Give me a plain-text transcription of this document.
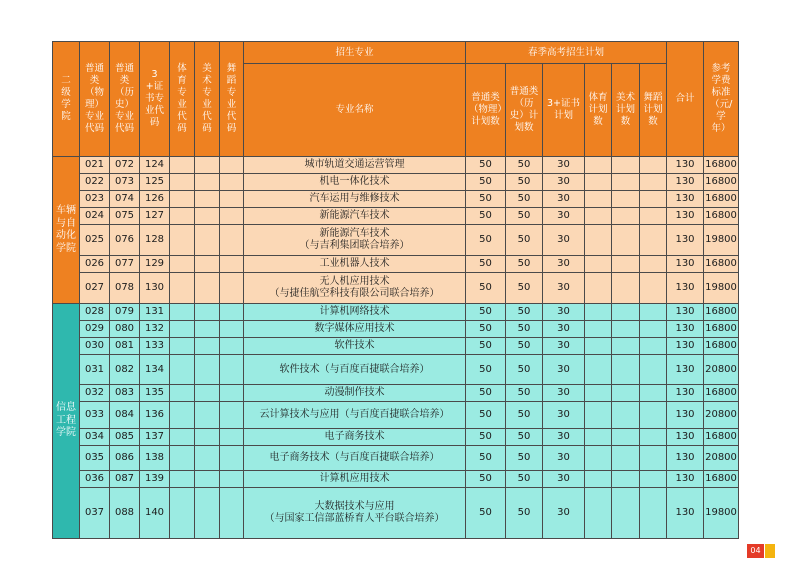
二级学院	普通类（物理）专业代码	普通类（历史）专业代码	3+证书专业代码	体育专业代码	美术专业代码	舞蹈专业代码	招生专业	春季高考招生计划						合计	参考学费标准（元/学年）
							专业名称	普通类（物理）计划数	普通类（历史）计划数	3+证书计划	体育计划数	美术计划数	舞蹈计划数		
车辆与自动化学院	021	072	124				城市轨道交通运营管理	50	50	30				130	16800
	022	073	125				机电一体化技术	50	50	30				130	16800
	023	074	126				汽车运用与维修技术	50	50	30				130	16800
	024	075	127				新能源汽车技术	50	50	30				130	16800
	025	076	128				新能源汽车技术
（与吉利集团联合培养）	50	50	30				130	19800
	026	077	129				工业机器人技术	50	50	30				130	16800
	027	078	130				无人机应用技术
（与捷佳航空科技有限公司联合培养）	50	50	30				130	19800
信息工程学院	028	079	131				计算机网络技术	50	50	30				130	16800
	029	080	132				数字媒体应用技术	50	50	30				130	16800
	030	081	133				软件技术	50	50	30				130	16800
	031	082	134				软件技术（与百度百捷联合培养）	50	50	30				130	20800
	032	083	135				动漫制作技术	50	50	30				130	16800
	033	084	136				云计算技术与应用（与百度百捷联合培养）	50	50	30				130	20800
	034	085	137				电子商务技术	50	50	30				130	16800
	035	086	138				电子商务技术（与百度百捷联合培养）	50	50	30				130	20800
	036	087	139				计算机应用技术	50	50	30				130	16800
	037	088	140				大数据技术与应用
（与国家工信部蓝桥育人平台联合培养）	50	50	30				130	19800
04
